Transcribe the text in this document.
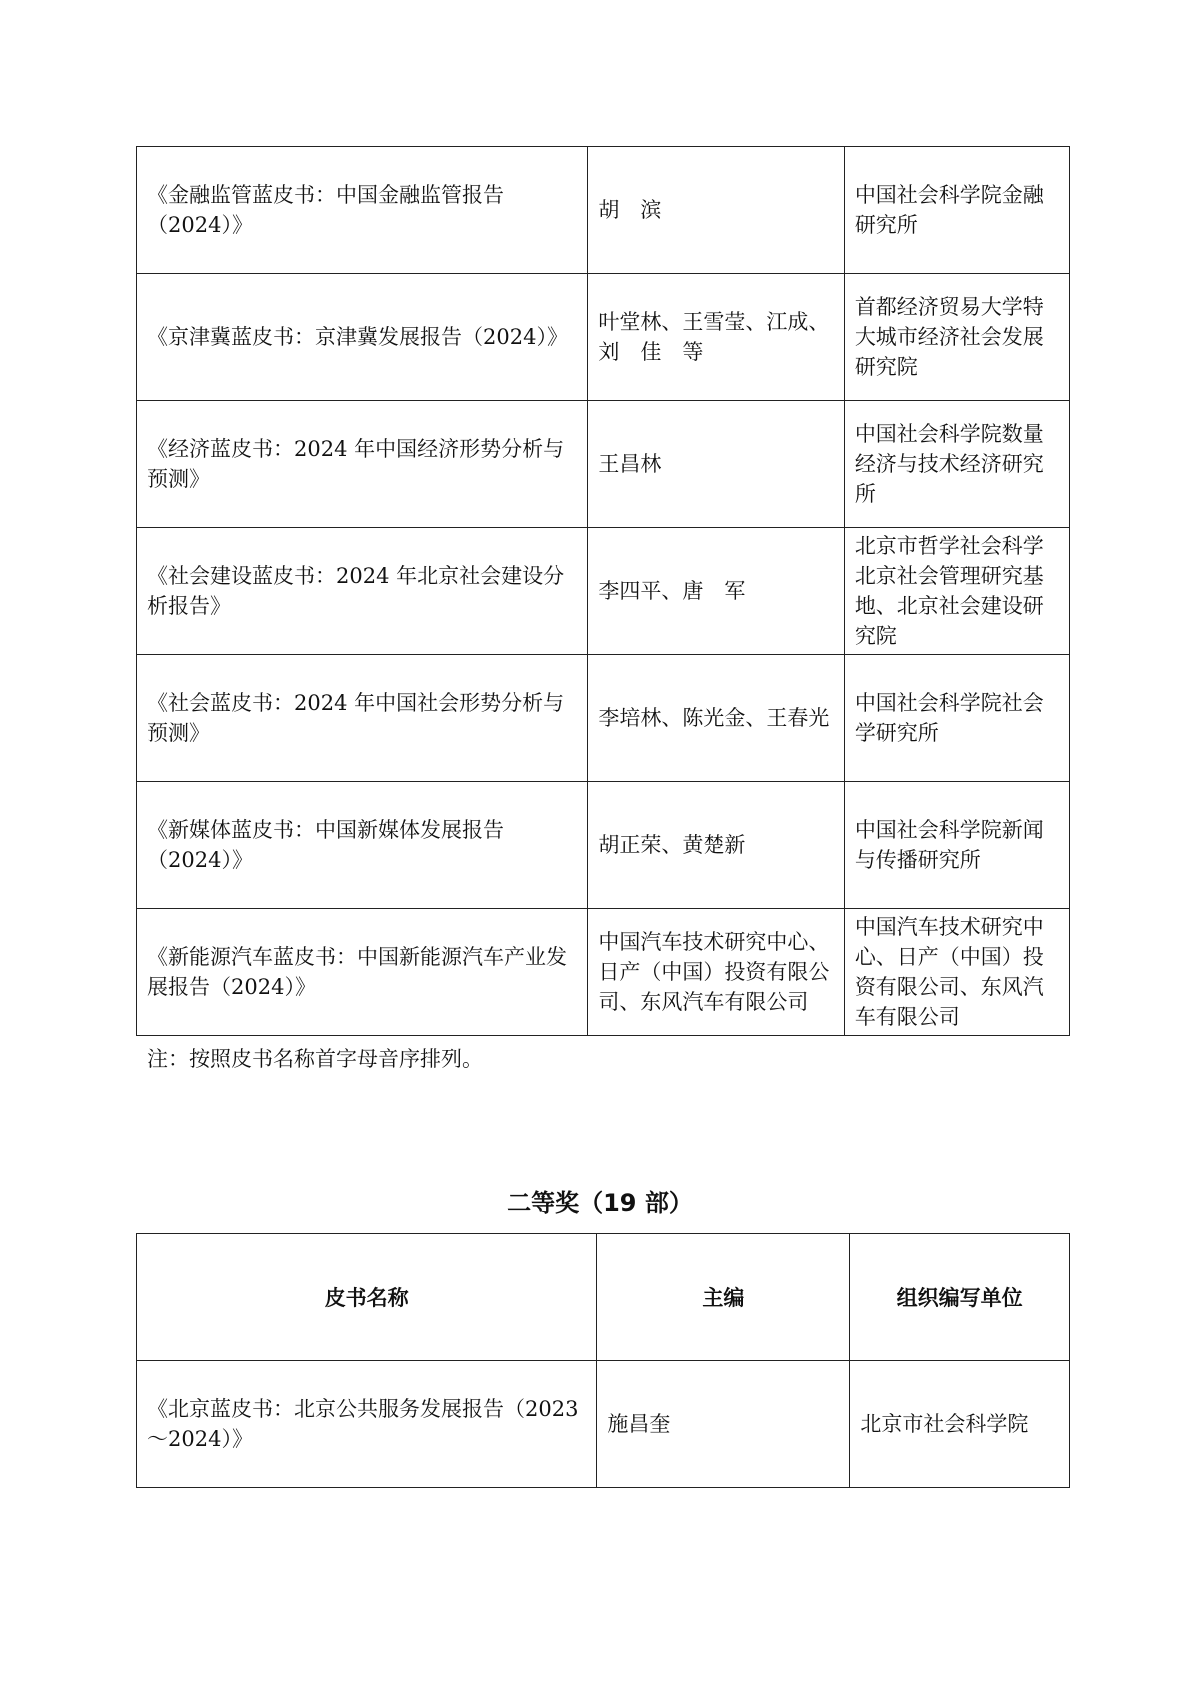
《金融监管蓝皮书：中国金融监管报告（2024）》	胡　滨	中国社会科学院金融研究所
《京津冀蓝皮书：京津冀发展报告（2024）》	叶堂林、王雪莹、江成、刘　佳　等	首都经济贸易大学特大城市经济社会发展研究院
《经济蓝皮书：2024 年中国经济形势分析与预测》	王昌林	中国社会科学院数量经济与技术经济研究所
《社会建设蓝皮书：2024 年北京社会建设分析报告》	李四平、唐　军	北京市哲学社会科学北京社会管理研究基地、北京社会建设研究院
《社会蓝皮书：2024 年中国社会形势分析与预测》	李培林、陈光金、王春光	中国社会科学院社会学研究所
《新媒体蓝皮书：中国新媒体发展报告（2024）》	胡正荣、黄楚新	中国社会科学院新闻与传播研究所
《新能源汽车蓝皮书：中国新能源汽车产业发展报告（2024）》	中国汽车技术研究中心、日产（中国）投资有限公司、东风汽车有限公司	中国汽车技术研究中心、日产（中国）投资有限公司、东风汽车有限公司
注：按照皮书名称首字母音序排列。
二等奖（19 部）
皮书名称	主编	组织编写单位
《北京蓝皮书：北京公共服务发展报告（2023～2024）》	施昌奎	北京市社会科学院
